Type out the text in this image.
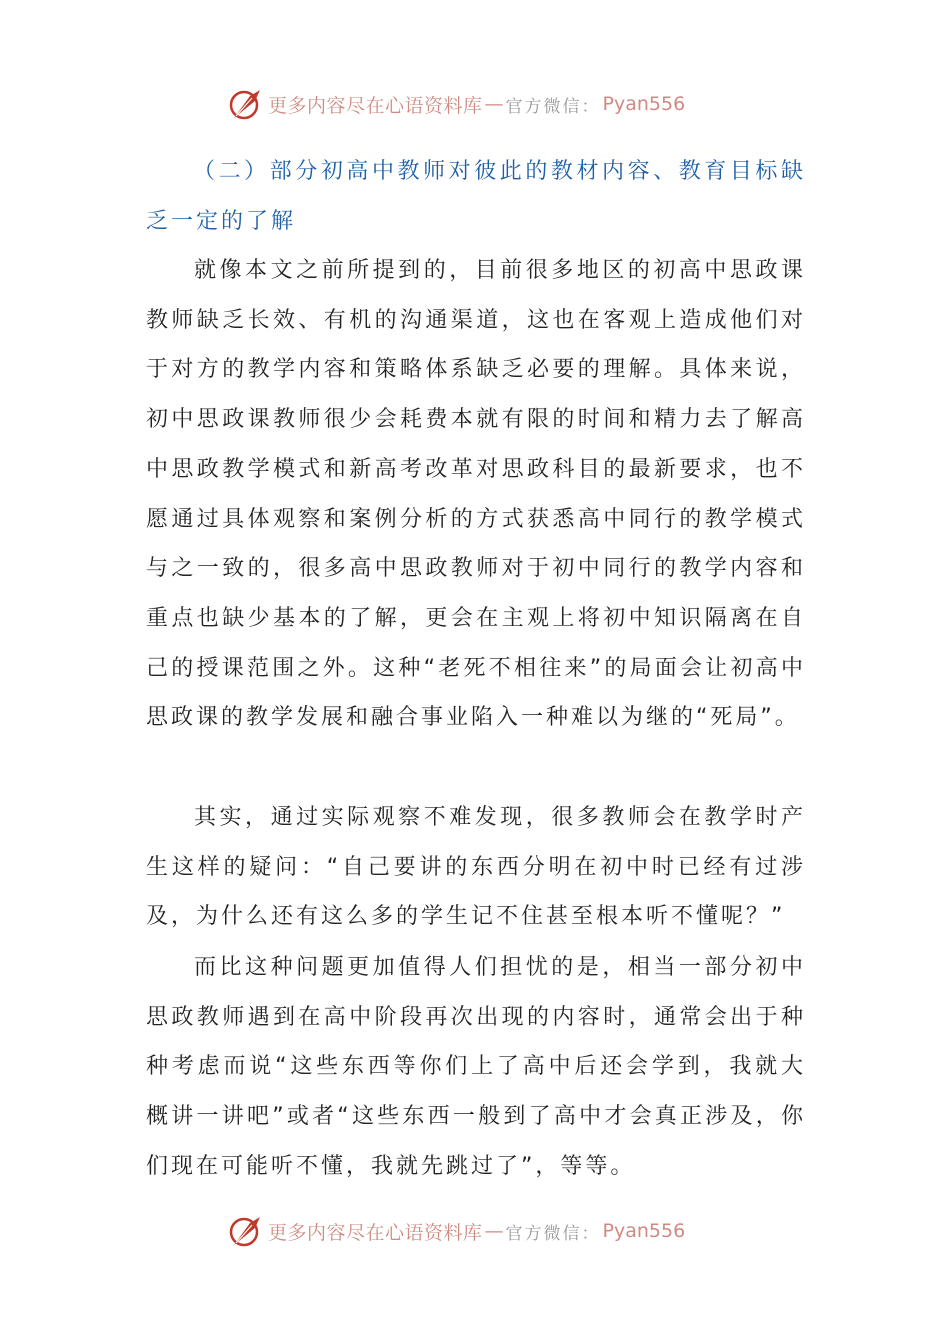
更多内容尽在心语资料库 — 官方微信： Pyan556
（二）部分初高中教师对彼此的教材内容、教育目标缺乏一定的了解
就像本文之前所提到的，目前很多地区的初高中思政课教师缺乏长效、有机的沟通渠道，这也在客观上造成他们对于对方的教学内容和策略体系缺乏必要的理解。具体来说，初中思政课教师很少会耗费本就有限的时间和精力去了解高中思政教学模式和新高考改革对思政科目的最新要求，也不愿通过具体观察和案例分析的方式获悉高中同行的教学模式与之一致的，很多高中思政教师对于初中同行的教学内容和重点也缺少基本的了解，更会在主观上将初中知识隔离在自己的授课范围之外。这种“老死不相往来”的局面会让初高中思政课的教学发展和融合事业陷入一种难以为继的“死局”。
其实，通过实际观察不难发现，很多教师会在教学时产生这样的疑问：“自己要讲的东西分明在初中时已经有过涉及，为什么还有这么多的学生记不住甚至根本听不懂呢？”
而比这种问题更加值得人们担忧的是，相当一部分初中思政教师遇到在高中阶段再次出现的内容时，通常会出于种种考虑而说“这些东西等你们上了高中后还会学到，我就大概讲一讲吧”或者“这些东西一般到了高中才会真正涉及，你们现在可能听不懂，我就先跳过了”，等等。
更多内容尽在心语资料库 — 官方微信： Pyan556
